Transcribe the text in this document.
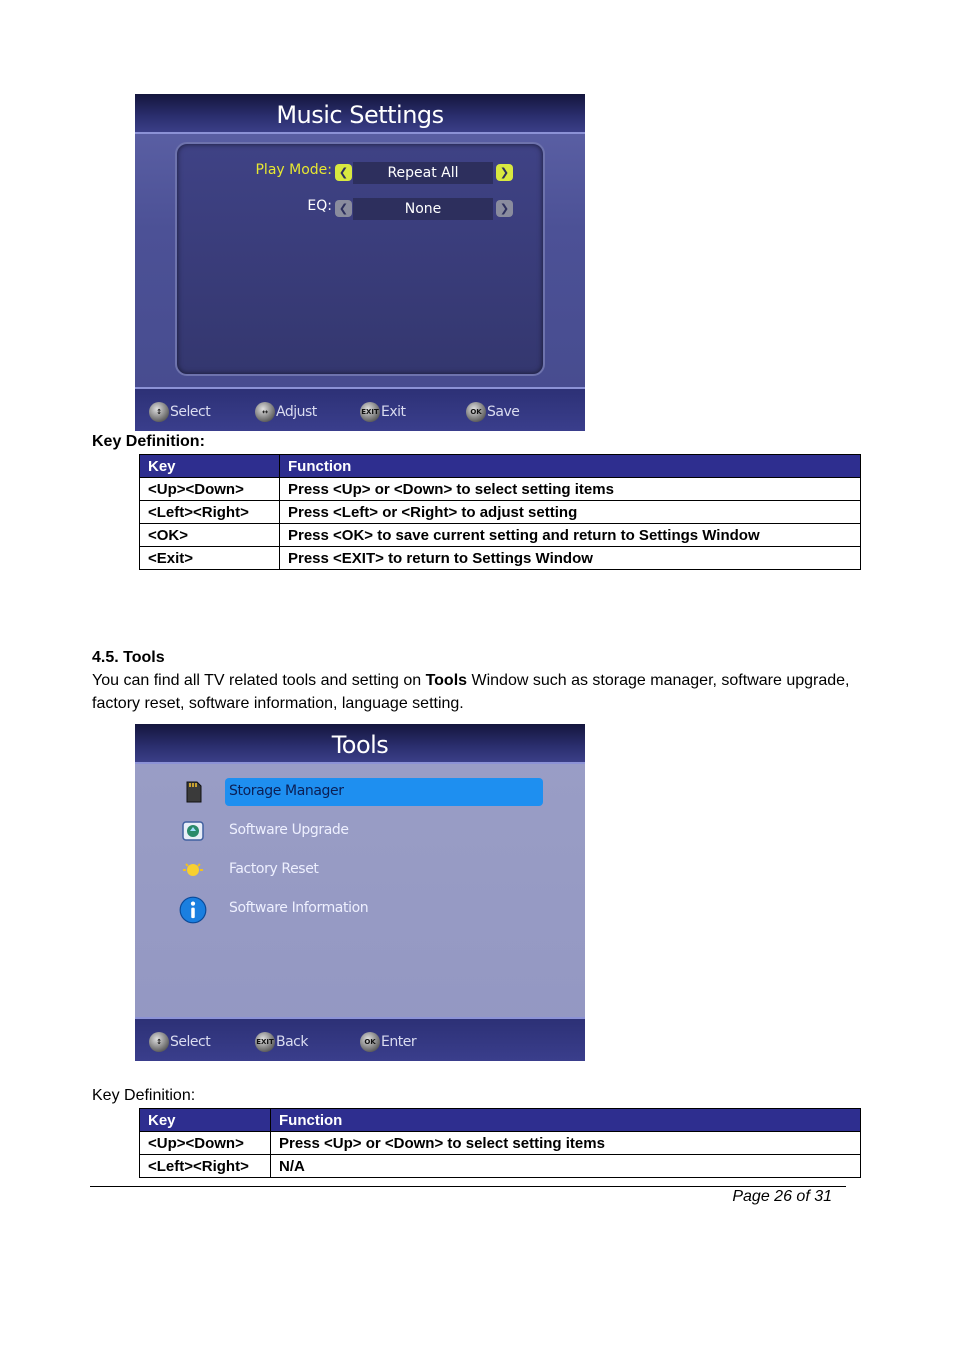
Music Settings
Play Mode: ❮	Repeat All	❯
EQ: ❮	None	❯
↕ Select	↔ Adjust	EXIT Exit	OK Save
Key Definition:
Key	Function
<Up><Down>	Press <Up> or <Down> to select setting items
<Left><Right>	Press <Left> or <Right> to adjust setting
<OK>	Press <OK> to save current setting and return to Settings Window
<Exit>	Press <EXIT> to return to Settings Window
4.5. Tools
You can find all TV related tools and setting on Tools Window such as storage manager, software upgrade, factory reset, software information, language setting.
Tools
Storage Manager
Software Upgrade
Factory Reset
Software Information
↕ Select	EXIT Back	OK Enter
Key Definition:
Key	Function
<Up><Down>	Press <Up> or <Down> to select setting items
<Left><Right>	N/A
Page 26 of 31
